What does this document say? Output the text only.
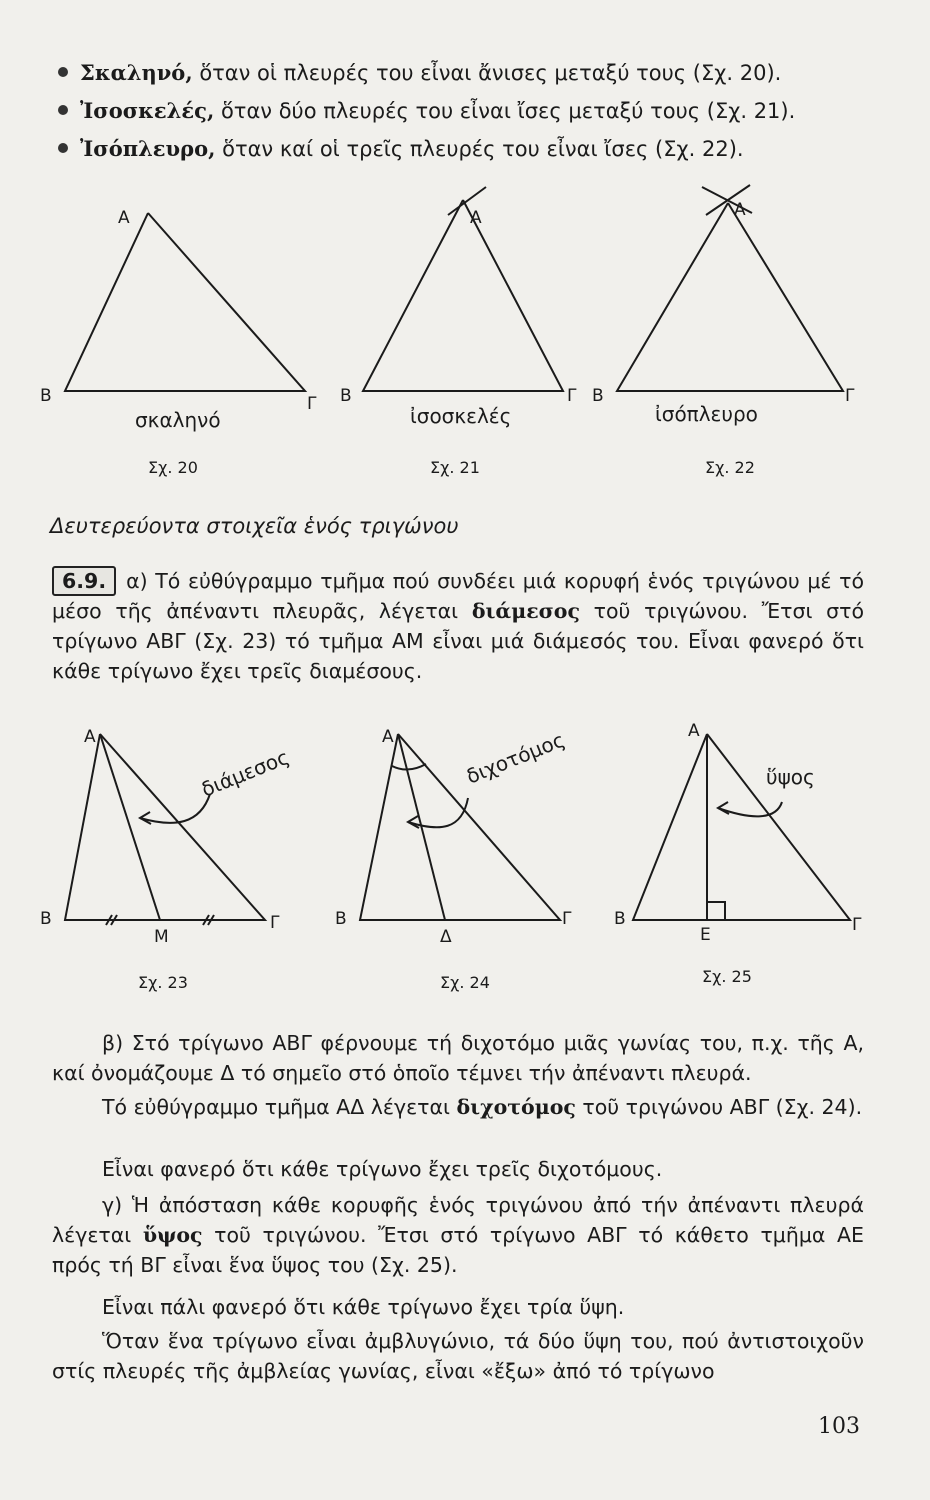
Σκαληνό, ὅταν οἱ πλευρές του εἶναι ἄνισες μεταξύ τους (Σχ. 20).
Ἰσοσκελές, ὅταν δύο πλευρές του εἶναι ἴσες μεταξύ τους (Σχ. 21).
Ἰσόπλευρο, ὅταν καί οἱ τρεῖς πλευρές του εἶναι ἴσες (Σχ. 22).
A
B	Γ
σκαληνό
Σχ. 20
A
B	Γ
ἰσοσκελές
Σχ. 21
A
B	Γ
ἰσόπλευρο
Σχ. 22
Δευτερεύοντα στοιχεῖα ἑνός τριγώνου
6.9. α) Τό εὐθύγραμμο τμῆμα πού συνδέει μιά κορυφή ἑνός τριγώνου μέ τό μέσο τῆς ἀπέναντι πλευρᾶς, λέγεται διάμεσος τοῦ τριγώνου. Ἔτσι στό τρίγωνο ΑΒΓ (Σχ. 23) τό τμῆμα ΑΜ εἶναι μιά διάμεσός του. Εἶναι φανερό ὅτι κάθε τρίγωνο ἔχει τρεῖς διαμέσους.
A
B	Γ
M
διάμεσος
Σχ. 23
A
B	Γ
Δ
διχοτόμος
Σχ. 24
A
B	Γ
E
ὕψος
Σχ. 25
β) Στό τρίγωνο ΑΒΓ φέρνουμε τή διχοτόμο μιᾶς γωνίας του, π.χ. τῆς Α, καί ὀνομάζουμε Δ τό σημεῖο στό ὁποῖο τέμνει τήν ἀπέναντι πλευρά.
Τό εὐθύγραμμο τμῆμα ΑΔ λέγεται διχοτόμος τοῦ τριγώνου ΑΒΓ (Σχ. 24).
Εἶναι φανερό ὅτι κάθε τρίγωνο ἔχει τρεῖς διχοτόμους.
γ) Ἡ ἀπόσταση κάθε κορυφῆς ἑνός τριγώνου ἀπό τήν ἀπέναντι πλευρά λέγεται ὕψος τοῦ τριγώνου. Ἔτσι στό τρίγωνο ΑΒΓ τό κάθετο τμῆμα ΑΕ πρός τή ΒΓ εἶναι ἕνα ὕψος του (Σχ. 25).
Εἶναι πάλι φανερό ὅτι κάθε τρίγωνο ἔχει τρία ὕψη.
Ὅταν ἕνα τρίγωνο εἶναι ἀμβλυγώνιο, τά δύο ὕψη του, πού ἀντιστοιχοῦν στίς πλευρές τῆς ἀμβλείας γωνίας, εἶναι «ἔξω» ἀπό τό τρίγωνο
103
